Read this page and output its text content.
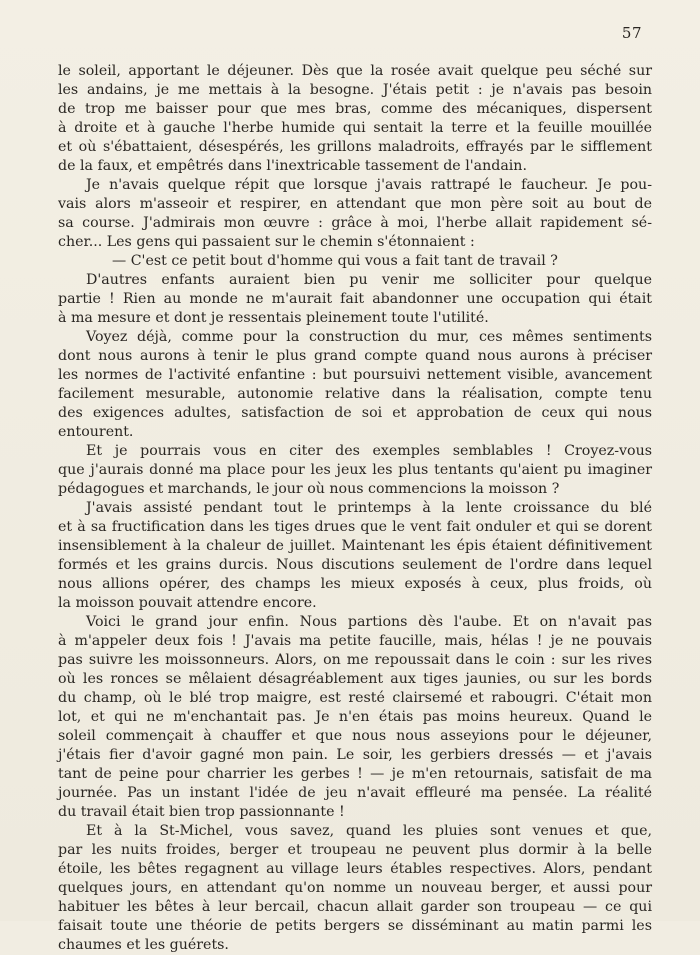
57
le soleil, apportant le déjeuner. Dès que la rosée avait quelque peu séché sur
les andains, je me mettais à la besogne. J'étais petit : je n'avais pas besoin
de trop me baisser pour que mes bras, comme des mécaniques, dispersent
à droite et à gauche l'herbe humide qui sentait la terre et la feuille mouillée
et où s'ébattaient, désespérés, les grillons maladroits, effrayés par le sifflement
de la faux, et empêtrés dans l'inextricable tassement de l'andain.
Je n'avais quelque répit que lorsque j'avais rattrapé le faucheur. Je pou-
vais alors m'asseoir et respirer, en attendant que mon père soit au bout de
sa course. J'admirais mon œuvre : grâce à moi, l'herbe allait rapidement sé-
cher... Les gens qui passaient sur le chemin s'étonnaient :
— C'est ce petit bout d'homme qui vous a fait tant de travail ?
D'autres enfants auraient bien pu venir me solliciter pour quelque
partie ! Rien au monde ne m'aurait fait abandonner une occupation qui était
à ma mesure et dont je ressentais pleinement toute l'utilité.
Voyez déjà, comme pour la construction du mur, ces mêmes sentiments
dont nous aurons à tenir le plus grand compte quand nous aurons à préciser
les normes de l'activité enfantine : but poursuivi nettement visible, avancement
facilement mesurable, autonomie relative dans la réalisation, compte tenu
des exigences adultes, satisfaction de soi et approbation de ceux qui nous
entourent.
Et je pourrais vous en citer des exemples semblables ! Croyez-vous
que j'aurais donné ma place pour les jeux les plus tentants qu'aient pu imaginer
pédagogues et marchands, le jour où nous commencions la moisson ?
J'avais assisté pendant tout le printemps à la lente croissance du blé
et à sa fructification dans les tiges drues que le vent fait onduler et qui se dorent
insensiblement à la chaleur de juillet. Maintenant les épis étaient définitivement
formés et les grains durcis. Nous discutions seulement de l'ordre dans lequel
nous allions opérer, des champs les mieux exposés à ceux, plus froids, où
la moisson pouvait attendre encore.
Voici le grand jour enfin. Nous partions dès l'aube. Et on n'avait pas
à m'appeler deux fois ! J'avais ma petite faucille, mais, hélas ! je ne pouvais
pas suivre les moissonneurs. Alors, on me repoussait dans le coin : sur les rives
où les ronces se mêlaient désagréablement aux tiges jaunies, ou sur les bords
du champ, où le blé trop maigre, est resté clairsemé et rabougri. C'était mon
lot, et qui ne m'enchantait pas. Je n'en étais pas moins heureux. Quand le
soleil commençait à chauffer et que nous nous asseyions pour le déjeuner,
j'étais fier d'avoir gagné mon pain. Le soir, les gerbiers dressés — et j'avais
tant de peine pour charrier les gerbes ! — je m'en retournais, satisfait de ma
journée. Pas un instant l'idée de jeu n'avait effleuré ma pensée. La réalité
du travail était bien trop passionnante !
Et à la St-Michel, vous savez, quand les pluies sont venues et que,
par les nuits froides, berger et troupeau ne peuvent plus dormir à la belle
étoile, les bêtes regagnent au village leurs étables respectives. Alors, pendant
quelques jours, en attendant qu'on nomme un nouveau berger, et aussi pour
habituer les bêtes à leur bercail, chacun allait garder son troupeau — ce qui
faisait toute une théorie de petits bergers se disséminant au matin parmi les
chaumes et les guérets.
